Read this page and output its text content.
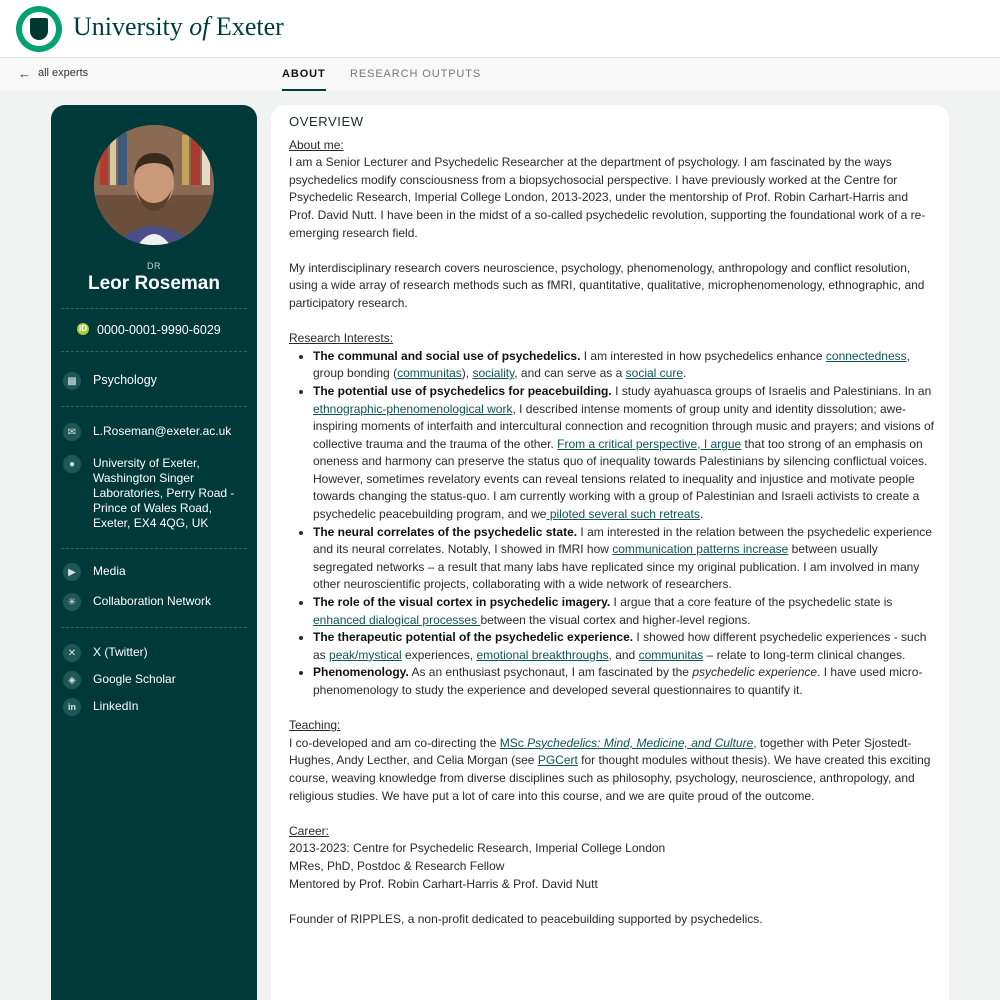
University of Exeter
← all experts	ABOUT RESEARCH OUTPUTS
DR
Leor Roseman
iD 0000-0001-9990-6029
▩	Psychology
✉	L.Roseman@exeter.ac.uk
●	University of Exeter, Washington Singer Laboratories, Perry Road - Prince of Wales Road, Exeter, EX4 4QG, UK
▶	Media
✳	Collaboration Network
✕	X (Twitter)
◈	Google Scholar
in	LinkedIn
OVERVIEW
About me:

I am a Senior Lecturer and Psychedelic Researcher at the department of psychology. I am fascinated by the ways psychedelics modify consciousness from a biopsychosocial perspective. I have previously worked at the Centre for Psychedelic Research, Imperial College London, 2013-2023, under the mentorship of Prof. Robin Carhart-Harris and Prof. David Nutt. I have been in the midst of a so-called psychedelic revolution, supporting the foundational work of a re-emerging research field.

My interdisciplinary research covers neuroscience, psychology, phenomenology, anthropology and conflict resolution, using a wide array of research methods such as fMRI, quantitative, qualitative, microphenomenology, ethnographic, and participatory research.

Research Interests:
• The communal and social use of psychedelics. I am interested in how psychedelics enhance connectedness, group bonding (communitas), sociality, and can serve as a social cure.
• The potential use of psychedelics for peacebuilding. I study ayahuasca groups of Israelis and Palestinians. In an ethnographic-phenomenological work, I described intense moments of group unity and identity dissolution; awe-inspiring moments of interfaith and intercultural connection and recognition through music and prayers; and visions of collective trauma and the trauma of the other. From a critical perspective, I argue that too strong of an emphasis on oneness and harmony can preserve the status quo of inequality towards Palestinians by silencing conflictual voices. However, sometimes revelatory events can reveal tensions related to inequality and injustice and motivate people towards changing the status-quo. I am currently working with a group of Palestinian and Israeli activists to create a psychedelic peacebuilding program, and we piloted several such retreats.
• The neural correlates of the psychedelic state. I am interested in the relation between the psychedelic experience and its neural correlates. Notably, I showed in fMRI how communication patterns increase between usually segregated networks – a result that many labs have replicated since my original publication. I am involved in many other neuroscientific projects, collaborating with a wide network of researchers.
• The role of the visual cortex in psychedelic imagery. I argue that a core feature of the psychedelic state is enhanced dialogical processes between the visual cortex and higher-level regions.
• The therapeutic potential of the psychedelic experience. I showed how different psychedelic experiences - such as peak/mystical experiences, emotional breakthroughs, and communitas – relate to long-term clinical changes.
• Phenomenology. As an enthusiast psychonaut, I am fascinated by the psychedelic experience. I have used micro-phenomenology to study the experience and developed several questionnaires to quantify it.
Teaching:

I co-developed and am co-directing the MSc Psychedelics: Mind, Medicine, and Culture, together with Peter Sjostedt-Hughes, Andy Lecther, and Celia Morgan (see PGCert for thought modules without thesis). We have created this exciting course, weaving knowledge from diverse disciplines such as philosophy, psychology, neuroscience, anthropology, and religious studies. We have put a lot of care into this course, and we are quite proud of the outcome.

Career:
2013-2023: Centre for Psychedelic Research, Imperial College London
MRes, PhD, Postdoc & Research Fellow
Mentored by Prof. Robin Carhart-Harris & Prof. David Nutt

Founder of RIPPLES, a non-profit dedicated to peacebuilding supported by psychedelics.
